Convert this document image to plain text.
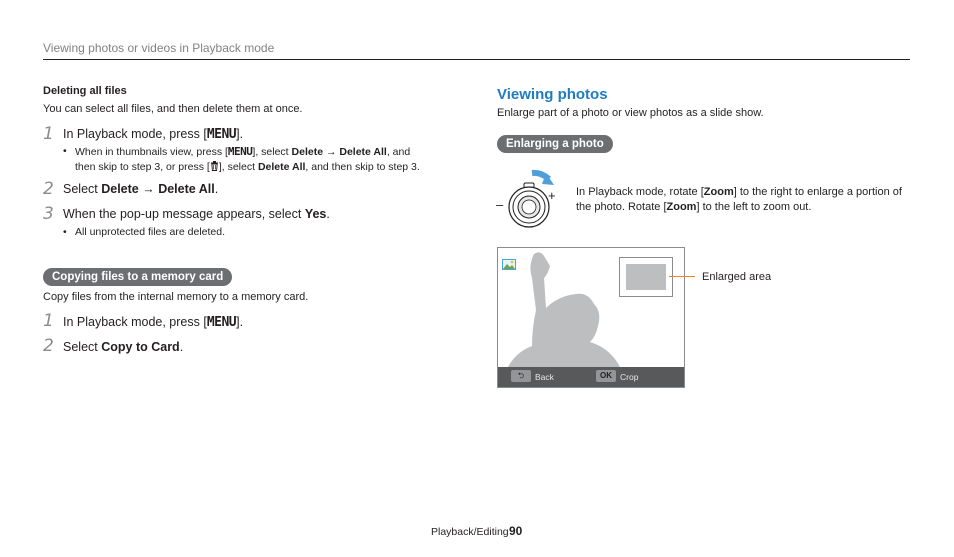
Viewing photos or videos in Playback mode
Deleting all files
You can select all files, and then delete them at once.
1 In Playback mode, press [MENU].
• When in thumbnails view, press [MENU], select Delete → Delete All, and
then skip to step 3, or press [ ], select Delete All, and then skip to step 3.
2 Select Delete → Delete All.
3 When the pop-up message appears, select Yes.
• All unprotected files are deleted.
Copying files to a memory card
Copy files from the internal memory to a memory card.
1 In Playback mode, press [MENU].
2 Select Copy to Card.
Viewing photos
Enlarge part of a photo or view photos as a slide show.
Enlarging a photo
–
+ In Playback mode, rotate [Zoom] to the right to enlarge a portion of
the photo. Rotate [Zoom] to the left to zoom out.
⮌	Back	OK Crop
Enlarged area
Playback/Editing 90
